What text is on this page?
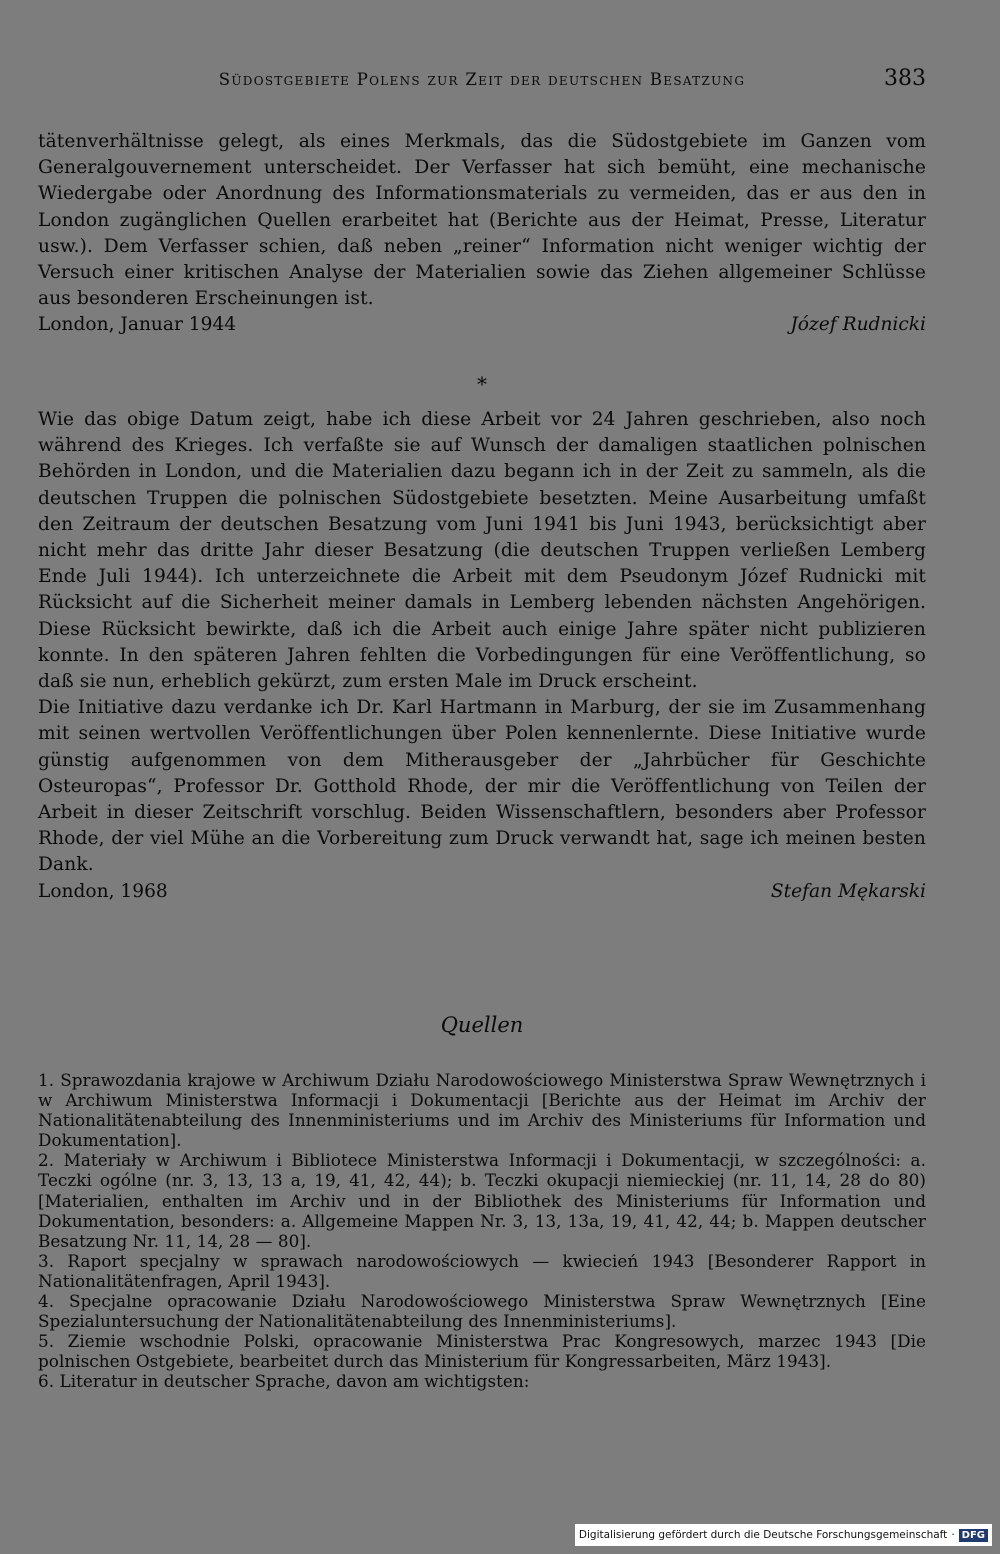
Südostgebiete Polens zur Zeit der deutschen Besatzung	383

tätenverhältnisse gelegt, als eines Merkmals, das die Südostgebiete im Ganzen vom Generalgouvernement unterscheidet. Der Verfasser hat sich bemüht, eine mechanische Wiedergabe oder Anordnung des Informationsmaterials zu vermeiden, das er aus den in London zugänglichen Quellen erarbeitet hat (Berichte aus der Heimat, Presse, Literatur usw.). Dem Verfasser schien, daß neben „reiner“ Information nicht weniger wichtig der Versuch einer kritischen Analyse der Materialien sowie das Ziehen allgemeiner Schlüsse aus besonderen Erscheinungen ist.

London, Januar 1944	Józef Rudnicki
*

Wie das obige Datum zeigt, habe ich diese Arbeit vor 24 Jahren geschrieben, also noch während des Krieges. Ich verfaßte sie auf Wunsch der damaligen staatlichen polnischen Behörden in London, und die Materialien dazu begann ich in der Zeit zu sammeln, als die deutschen Truppen die polnischen Südostgebiete besetzten. Meine Ausarbeitung umfaßt den Zeitraum der deutschen Besatzung vom Juni 1941 bis Juni 1943, berücksichtigt aber nicht mehr das dritte Jahr dieser Besatzung (die deutschen Truppen verließen Lemberg Ende Juli 1944). Ich unterzeichnete die Arbeit mit dem Pseudonym Józef Rudnicki mit Rücksicht auf die Sicherheit meiner damals in Lemberg lebenden nächsten Angehörigen. Diese Rücksicht bewirkte, daß ich die Arbeit auch einige Jahre später nicht publizieren konnte. In den späteren Jahren fehlten die Vorbedingungen für eine Veröffentlichung, so daß sie nun, erheblich gekürzt, zum ersten Male im Druck erscheint.

Die Initiative dazu verdanke ich Dr. Karl Hartmann in Marburg, der sie im Zusammenhang mit seinen wertvollen Veröffentlichungen über Polen kennenlernte. Diese Initiative wurde günstig aufgenommen von dem Mitherausgeber der „Jahrbücher für Geschichte Osteuropas“, Professor Dr. Gotthold Rhode, der mir die Veröffentlichung von Teilen der Arbeit in dieser Zeitschrift vorschlug. Beiden Wissenschaftlern, besonders aber Professor Rhode, der viel Mühe an die Vorbereitung zum Druck verwandt hat, sage ich meinen besten Dank.

London, 1968	Stefan Mękarski
Quellen

1. Sprawozdania krajowe w Archiwum Działu Narodowościowego Ministerstwa Spraw Wewnętrznych i w Archiwum Ministerstwa Informacji i Dokumentacji [Berichte aus der Heimat im Archiv der Nationalitätenabteilung des Innenministeriums und im Archiv des Ministeriums für Information und Dokumentation].

2. Materiały w Archiwum i Bibliotece Ministerstwa Informacji i Dokumentacji, w szczególności: a. Teczki ogólne (nr. 3, 13, 13 a, 19, 41, 42, 44); b. Teczki okupacji niemieckiej (nr. 11, 14, 28 do 80) [Materialien, enthalten im Archiv und in der Bibliothek des Ministeriums für Information und Dokumentation, besonders: a. Allgemeine Mappen Nr. 3, 13, 13a, 19, 41, 42, 44; b. Mappen deutscher Besatzung Nr. 11, 14, 28 — 80].

3. Raport specjalny w sprawach narodowościowych — kwiecień 1943 [Besonderer Rapport in Nationalitätenfragen, April 1943].

4. Specjalne opracowanie Działu Narodowościowego Ministerstwa Spraw Wewnętrznych [Eine Spezialuntersuchung der Nationalitätenabteilung des Innenministeriums].

5. Ziemie wschodnie Polski, opracowanie Ministerstwa Prac Kongresowych, marzec 1943 [Die polnischen Ostgebiete, bearbeitet durch das Ministerium für Kongressarbeiten, März 1943].

6. Literatur in deutscher Sprache, davon am wichtigsten:

Digitalisierung gefördert durch die Deutsche Forschungsgemeinschaft · DFG
